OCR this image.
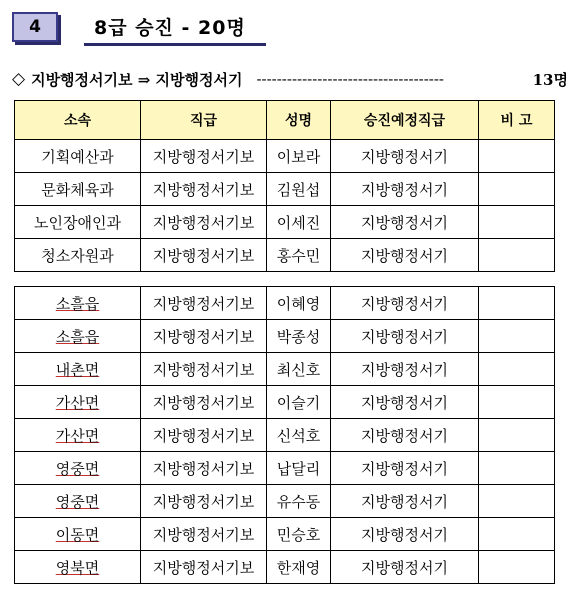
4	8급 승진 - 20명
◇ 지방행정서기보 ⇒ 지방행정서기 -------------------------------------	13명
소속	직급	성명	승진예정직급	비 고
기획예산과	지방행정서기보	이보라	지방행정서기	
문화체육과	지방행정서기보	김원섭	지방행정서기	
노인장애인과	지방행정서기보	이세진	지방행정서기	
청소자원과	지방행정서기보	홍수민	지방행정서기	
소흘읍	지방행정서기보	이혜영	지방행정서기	
소흘읍	지방행정서기보	박종성	지방행정서기	
내촌면	지방행정서기보	최신호	지방행정서기	
가산면	지방행정서기보	이슬기	지방행정서기	
가산면	지방행정서기보	신석호	지방행정서기	
영중면	지방행정서기보	납달리	지방행정서기	
영중면	지방행정서기보	유수동	지방행정서기	
이동면	지방행정서기보	민승호	지방행정서기	
영북면	지방행정서기보	한재영	지방행정서기	
